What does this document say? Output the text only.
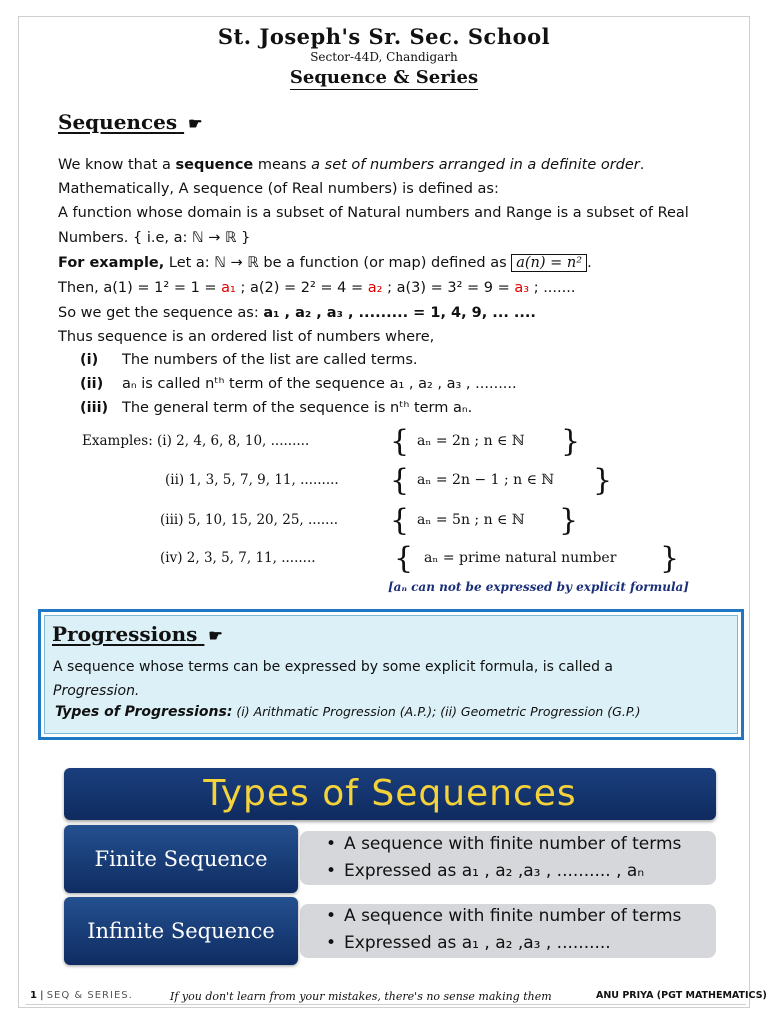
St. Joseph's Sr. Sec. School
Sector-44D, Chandigarh
Sequence & Series
Sequences ☛
We know that a sequence means a set of numbers arranged in a definite order.
Mathematically, A sequence (of Real numbers) is defined as:
A function whose domain is a subset of Natural numbers and Range is a subset of Real
Numbers. { i.e, a: ℕ → ℝ }
For example, Let a: ℕ → ℝ be a function (or map) defined as a(n) = n² .
Then, a(1) = 1² = 1 = a₁ ; a(2) = 2² = 4 = a₂ ; a(3) = 3² = 9 = a₃ ; .......
So we get the sequence as: a₁ , a₂ , a₃ , ......... = 1, 4, 9, ... ....
Thus sequence is an ordered list of numbers where,
(i) The numbers of the list are called terms.
(ii) aₙ is called nᵗʰ term of the sequence a₁ , a₂ , a₃ , .........
(iii) The general term of the sequence is nᵗʰ term aₙ.
Examples: (i) 2, 4, 6, 8, 10, .........	{ aₙ = 2n ; n ∈ ℕ }
(ii) 1, 3, 5, 7, 9, 11, ......... { aₙ = 2n − 1 ; n ∈ ℕ }
(iii) 5, 10, 15, 20, 25, ....... { aₙ = 5n ; n ∈ ℕ }
(iv) 2, 3, 5, 7, 11, ........	{ aₙ = prime natural number }
[aₙ can not be expressed by explicit formula]
Progressions ☛
A sequence whose terms can be expressed by some explicit formula, is called a
Progression.
Types of Progressions: (i) Arithmatic Progression (A.P.); (ii) Geometric Progression (G.P.)
Types of Sequences
Finite Sequence
• A sequence with finite number of terms
• Expressed as a₁ , a₂ ,a₃ , .......... , aₙ
Infinite Sequence
• A sequence with finite number of terms
• Expressed as a₁ , a₂ ,a₃ , ..........
1 | SEQ & SERIES.	If you don't learn from your mistakes, there's no sense making them	ANU PRIYA (PGT MATHEMATICS)
